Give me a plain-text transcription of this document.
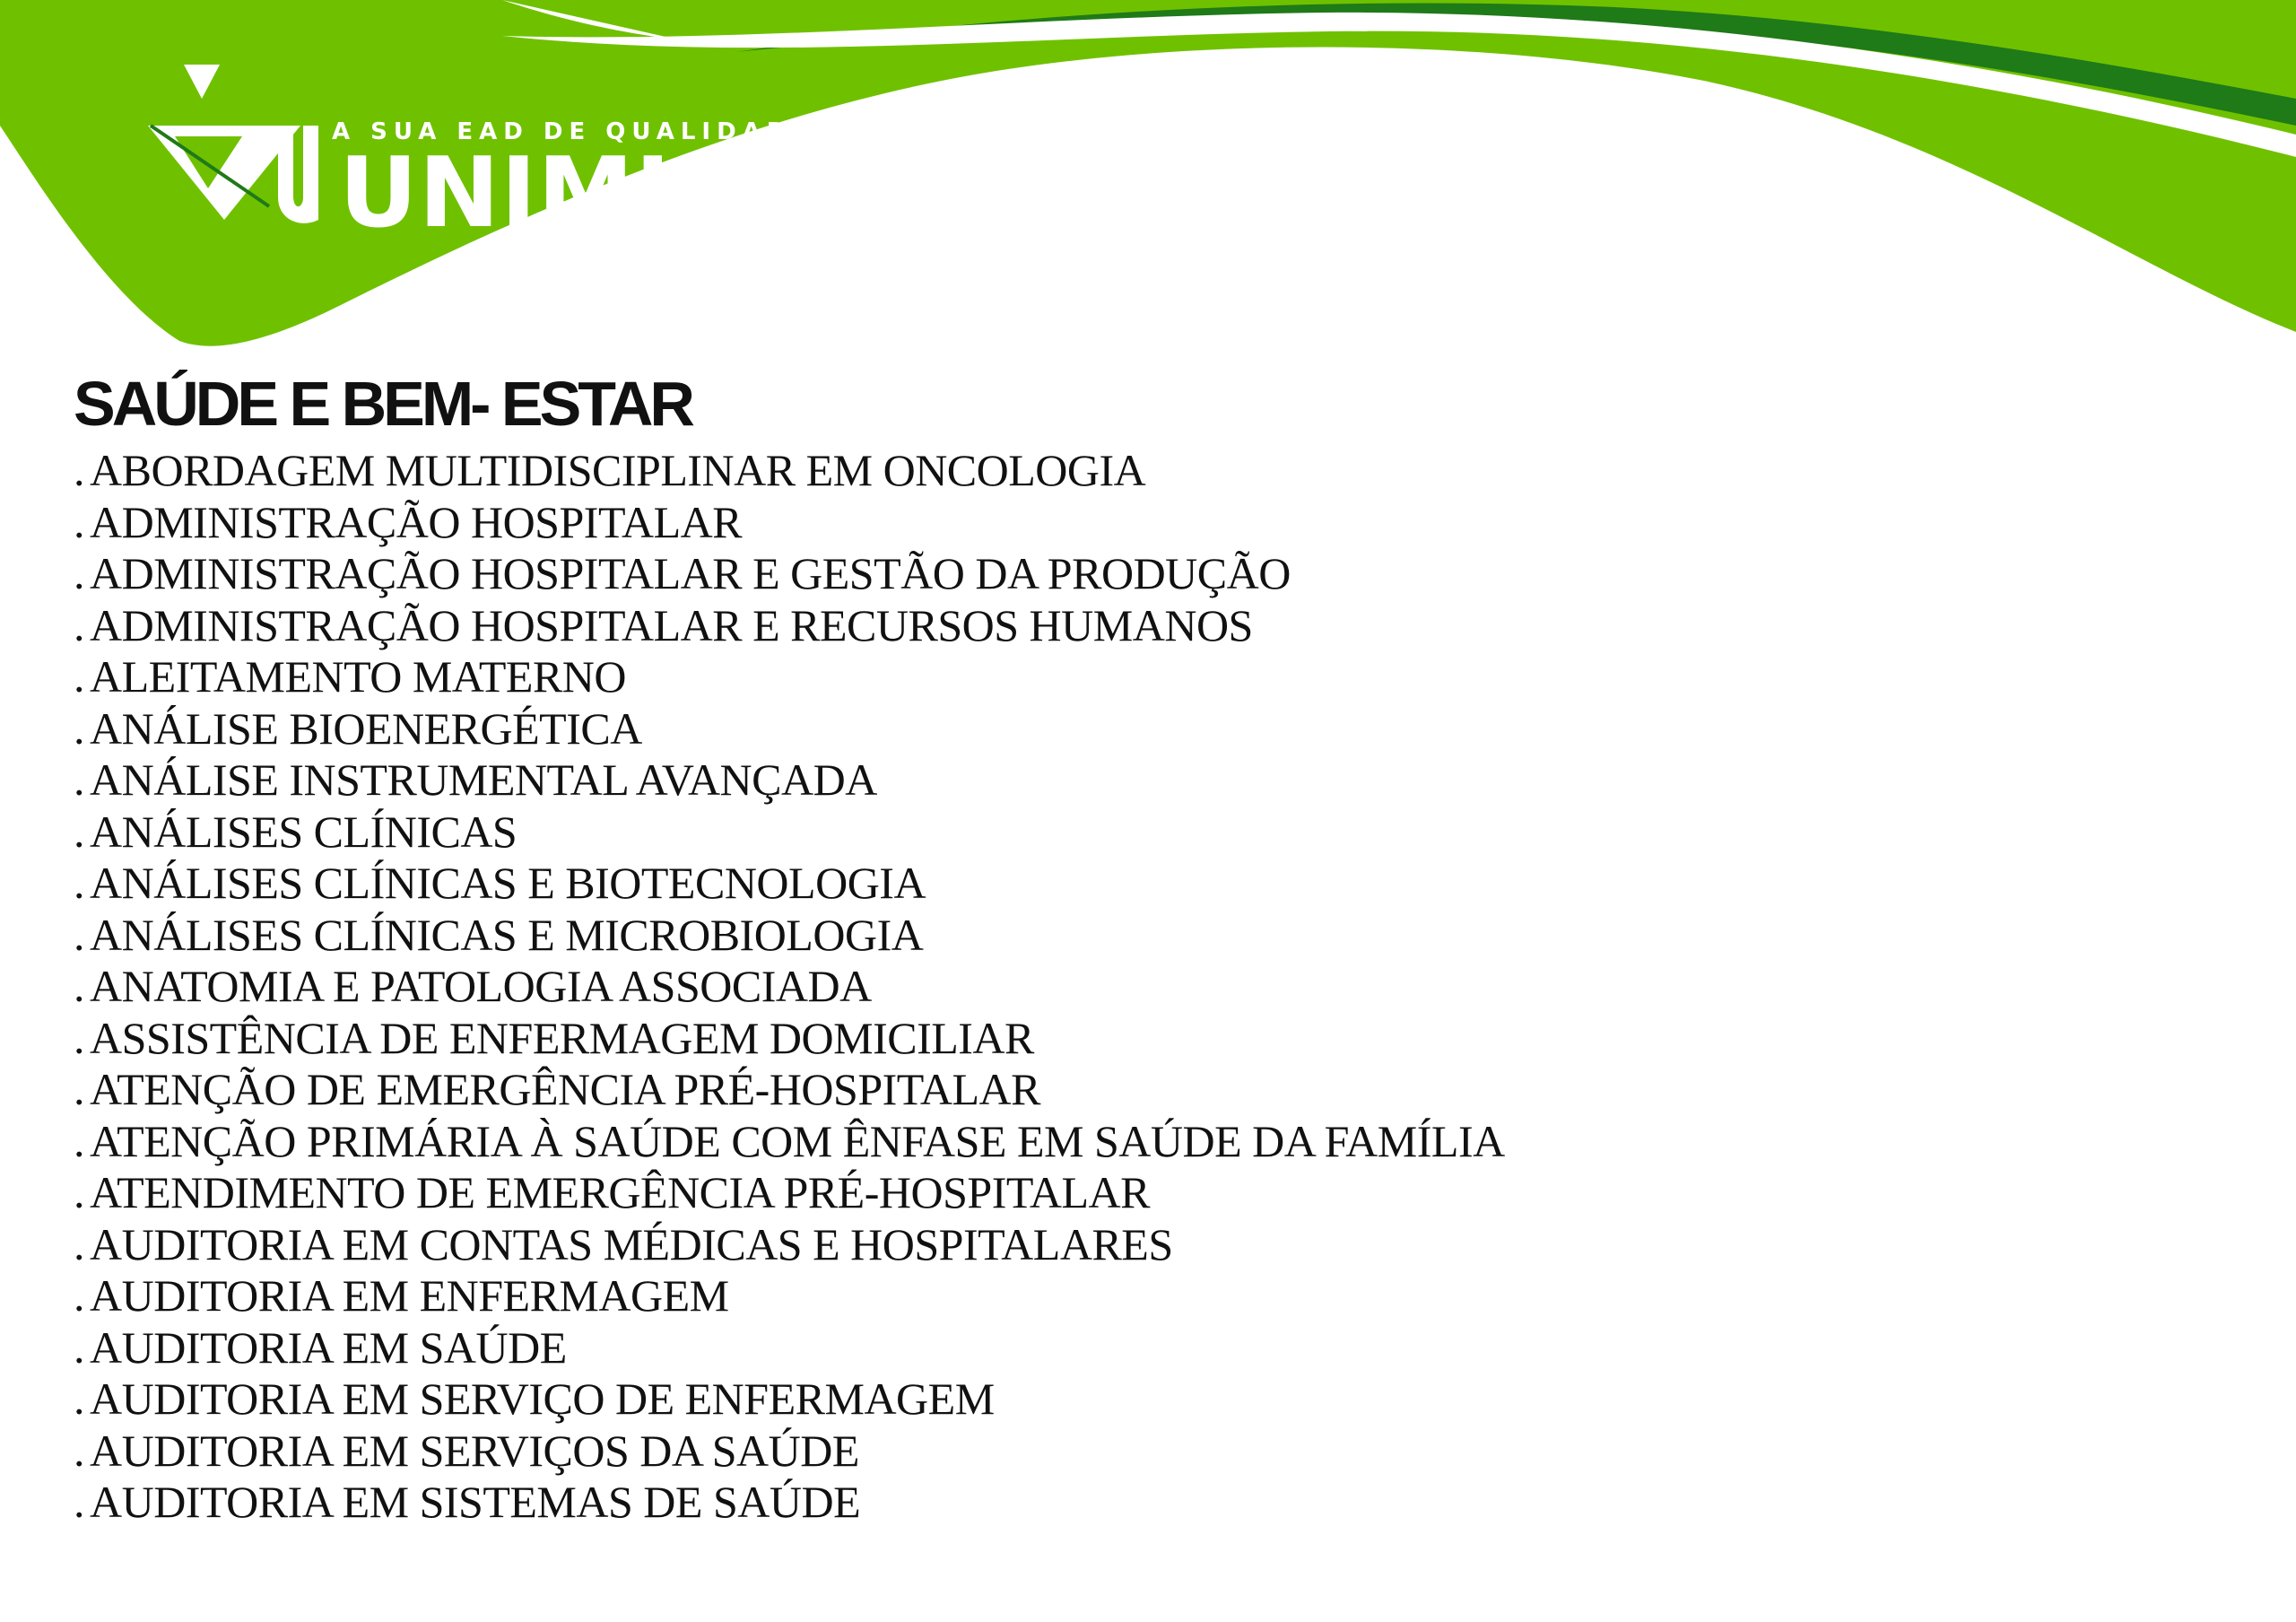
A SUA EAD DE QUALIDADE
UNIMINAS
SAÚDE E BEM- ESTAR
. ABORDAGEM MULTIDISCIPLINAR EM ONCOLOGIA
. ADMINISTRAÇÃO HOSPITALAR
. ADMINISTRAÇÃO HOSPITALAR E GESTÃO DA PRODUÇÃO
. ADMINISTRAÇÃO HOSPITALAR E RECURSOS HUMANOS
. ALEITAMENTO MATERNO
. ANÁLISE BIOENERGÉTICA
. ANÁLISE INSTRUMENTAL AVANÇADA
. ANÁLISES CLÍNICAS
. ANÁLISES CLÍNICAS E BIOTECNOLOGIA
. ANÁLISES CLÍNICAS E MICROBIOLOGIA
. ANATOMIA E PATOLOGIA ASSOCIADA
. ASSISTÊNCIA DE ENFERMAGEM DOMICILIAR
. ATENÇÃO DE EMERGÊNCIA PRÉ-HOSPITALAR
. ATENÇÃO PRIMÁRIA À SAÚDE COM ÊNFASE EM SAÚDE DA FAMÍLIA
. ATENDIMENTO DE EMERGÊNCIA PRÉ-HOSPITALAR
. AUDITORIA EM CONTAS MÉDICAS E HOSPITALARES
. AUDITORIA EM ENFERMAGEM
. AUDITORIA EM SAÚDE
. AUDITORIA EM SERVIÇO DE ENFERMAGEM
. AUDITORIA EM SERVIÇOS DA SAÚDE
. AUDITORIA EM SISTEMAS DE SAÚDE
